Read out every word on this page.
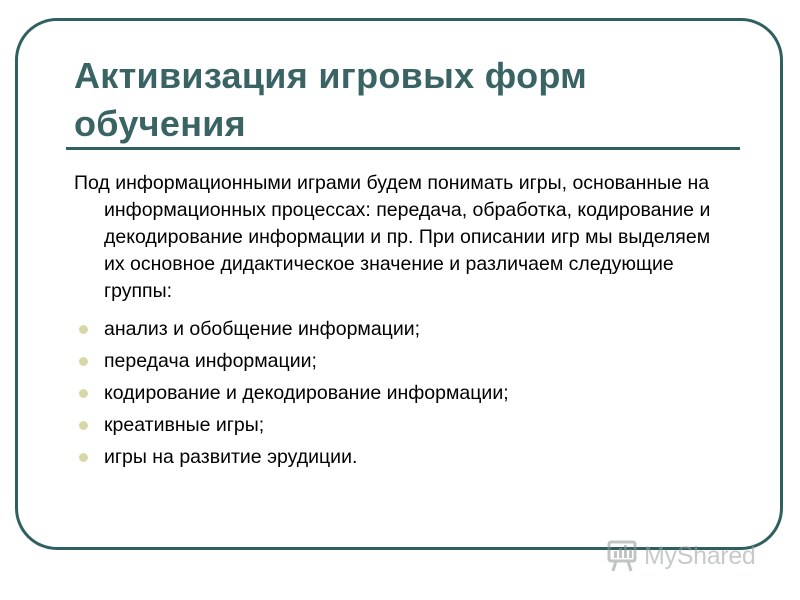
Активизация игровых форм обучения

Под информационными играми будем понимать игры, основанные на информационных процессах: передача, обработка, кодирование и декодирование информации и пр. При описании игр мы выделяем их основное дидактическое значение и различаем следующие группы:

анализ и обобщение информации;
передача информации;
кодирование и декодирование информации;
креативные игры;
игры на развитие эрудиции.
MyShared
